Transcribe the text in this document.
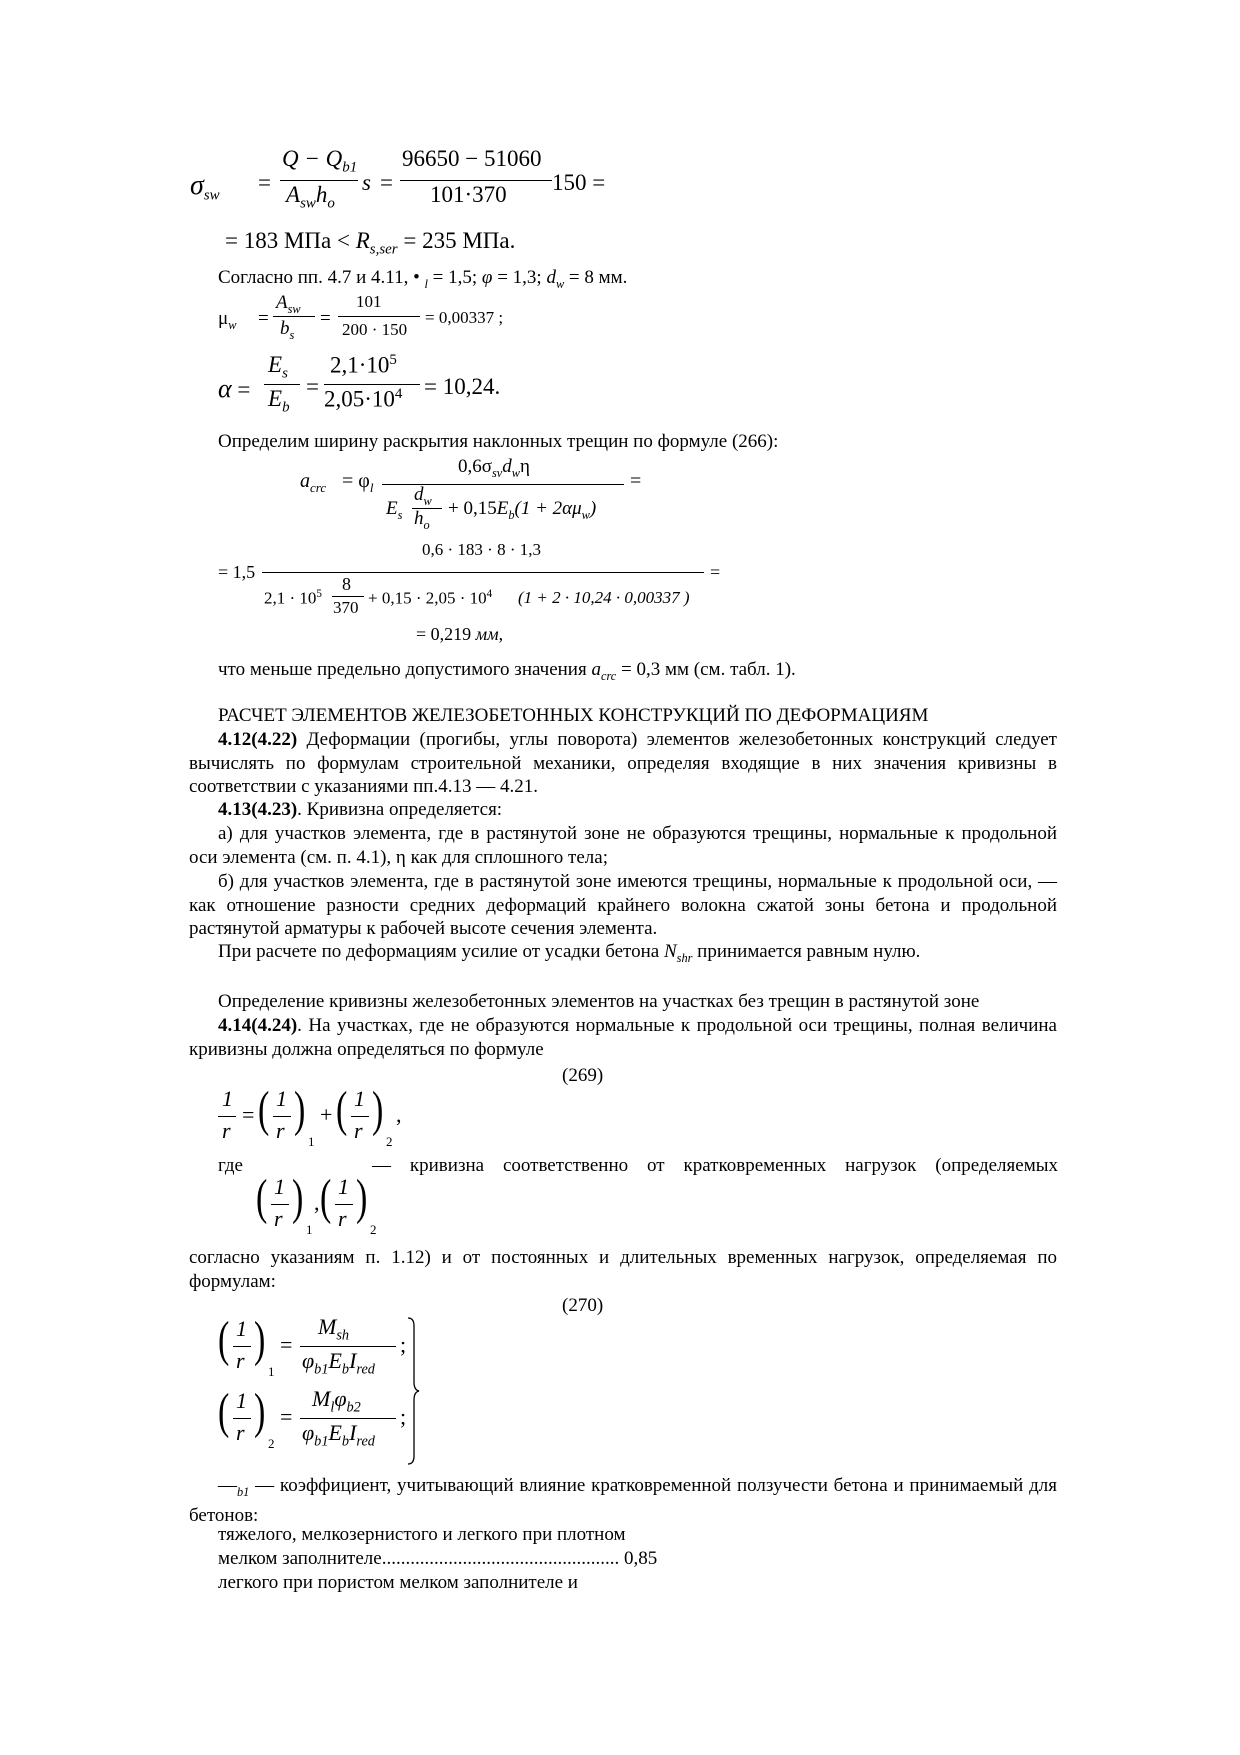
$\sigma_{sw}$
=
$Q - Q_{b1}$
$A_{sw}h_o$
s =
96650 − 51060
101·370 150 =
= 183 МПа < $R_{s,ser} = 235$ МПа.
Согласно пп. 4.7 и 4.11, • $_l$ = 1,5; φ = 1,3; $d_w = 8$ мм.
$\mu_w$ =
$A_{sw}$
$b_s$
=
101
200 · 150
= 0,00337 ;
α =
$E_s$
$E_b$
=
$2,1\cdot 10^5$
$2,05\cdot 10^4 = 10,24$.
Определим ширину раскрытия наклонных трещин по формуле (266):
$a_{crc} = \varphi_l$
$0,6\sigma_{sv}d_w\eta$
$E_s$
$d_w$
$h_o$
+ $0,15E_b(1 + 2\alpha\mu_w)$
=
= 1,5
0,6 · 183 · 8 · 1,3
$2,1 \cdot 10^5$ 8
$370 + 0,15 \cdot 2,05 \cdot 10^4$ (1 + 2 · 10,24 · 0,00337 )
=
= 0,219 мм,
что меньше предельно допустимого значения $a_{crc} = 0,3$ мм (см. табл. 1).
РАСЧЕТ ЭЛЕМЕНТОВ ЖЕЛЕЗОБЕТОННЫХ КОНСТРУКЦИЙ ПО ДЕФОРМАЦИЯМ
4.12(4.22) Деформации (прогибы, углы поворота) элементов железобетонных конструкций следует вычислять по формулам строительной механики, определяя входящие в них значения кривизны в соответствии с указаниями пп.4.13 — 4.21.
4.13(4.23). Кривизна определяется:
а) для участков элемента, где в растянутой зоне не образуются трещины, нормальные к продольной оси элемента (см. п. 4.1), η как для сплошного тела;
б) для участков элемента, где в растянутой зоне имеются трещины, нормальные к продольной оси, — как отношение разности средних деформаций крайнего волокна сжатой зоны бетона и продольной растянутой арматуры к рабочей высоте сечения элемента.
При расчете по деформациям усилие от усадки бетона $N_{shr}$ принимается равным нулю.
Определение кривизны железобетонных элементов на участках без трещин в растянутой зоне
4.14(4.24). На участках, где не образуются нормальные к продольной оси трещины, полная величина кривизны должна определяться по формуле
(269)
1
r
= ( 1
r )
1
+ ( 1
r )
2
,
где	— кривизна соответственно от кратковременных нагрузок (определяемых
( 1
r )
1
, ( 1
r )
2
согласно указаниям п. 1.12) и от постоянных и длительных временных нагрузок, определяемая по формулам:
(270)
( 1
r )
1
=
$M_{sh}$
$\varphi_{b1}E_bI_{red}$
;
( 1
r )
2
=
$M_l\varphi_{b2}$
$\varphi_{b1}E_bI_{red}$
;
$—_{b1}$ — коэффициент, учитывающий влияние кратковременной ползучести бетона и принимаемый для бетонов:
тяжелого, мелкозернистого и легкого при плотном
мелком заполнителе.................................................. 0,85
легкого при пористом мелком заполнителе и
